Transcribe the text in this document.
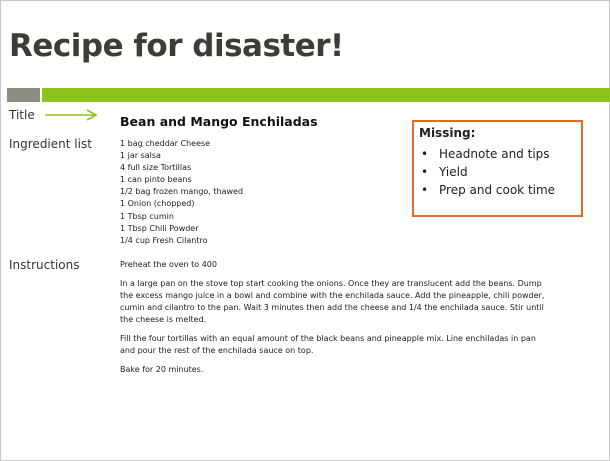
Recipe for disaster!
Title
Ingredient list
Instructions
Bean and Mango Enchiladas
1 bag cheddar Cheese
1 jar salsa
4 full size Tortillas
1 can pinto beans
1/2 bag frozen mango, thawed
1 Onion (chopped)
1 Tbsp cumin
1 Tbsp Chili Powder
1/4 cup Fresh Cilantro

Preheat the oven to 400

In a large pan on the stove top start cooking the onions. Once they are translucent add the beans. Dump the excess mango juice in a bowl and combine with the enchilada sauce. Add the pineapple, chili powder, cumin and cilantro to the pan. Wait 3 minutes then add the cheese and 1/4 the enchilada sauce. Stir until the cheese is melted.

Fill the four tortillas with an equal amount of the black beans and pineapple mix. Line enchiladas in pan and pour the rest of the enchilada sauce on top.

Bake for 20 minutes.

Missing:
• Headnote and tips
• Yield
• Prep and cook time
